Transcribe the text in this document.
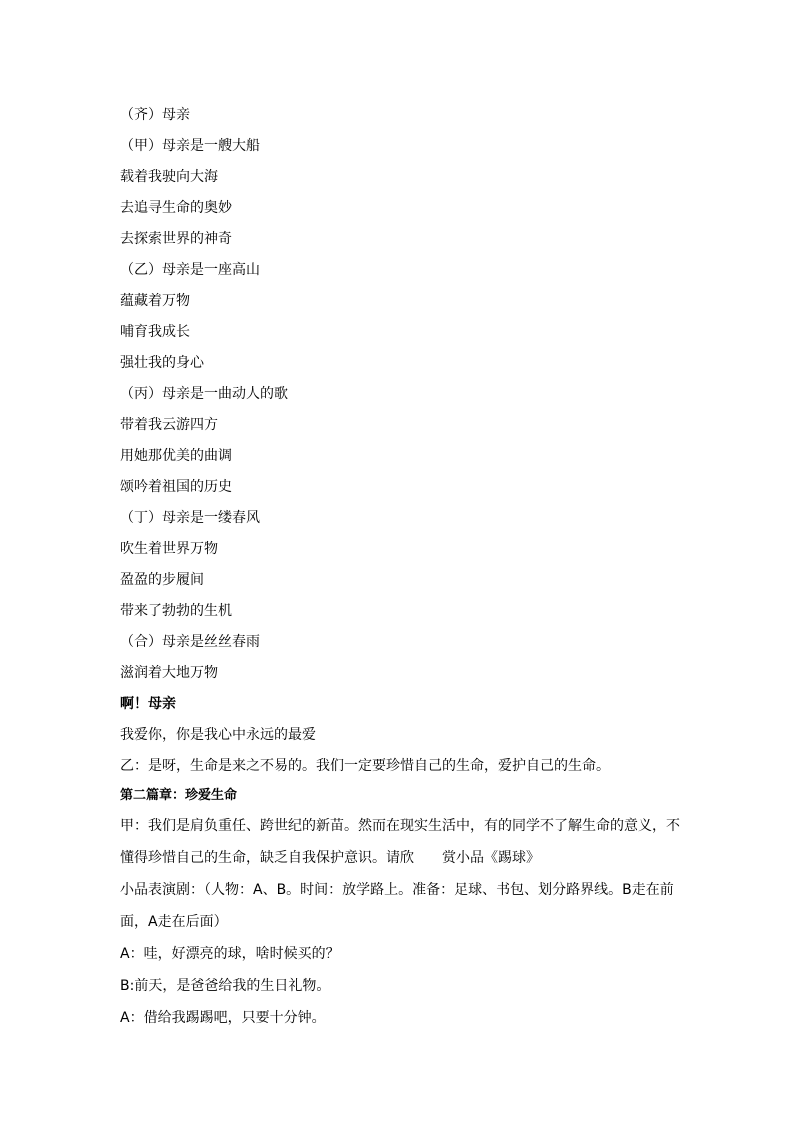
（齐）母亲
（甲）母亲是一艘大船
载着我驶向大海
去追寻生命的奥妙
去探索世界的神奇
（乙）母亲是一座高山
蕴藏着万物
哺育我成长
强壮我的身心
（丙）母亲是一曲动人的歌
带着我云游四方
用她那优美的曲调
颂吟着祖国的历史
（丁）母亲是一缕春风
吹生着世界万物
盈盈的步履间
带来了勃勃的生机
（合）母亲是丝丝春雨
滋润着大地万物
啊！母亲
我爱你，你是我心中永远的最爱
乙：是呀，生命是来之不易的。我们一定要珍惜自己的生命，爱护自己的生命。
第二篇章：珍爱生命
甲：我们是肩负重任、跨世纪的新苗。然而在现实生活中，有的同学不了解生命的意义，不懂得珍惜自己的生命，缺乏自我保护意识。请欣　　赏小品《踢球》
小品表演剧：（人物：A、B。时间：放学路上。准备：足球、书包、划分路界线。B走在前面，A走在后面）
A：哇，好漂亮的球，啥时候买的？
B:前天，是爸爸给我的生日礼物。
A：借给我踢踢吧，只要十分钟。
